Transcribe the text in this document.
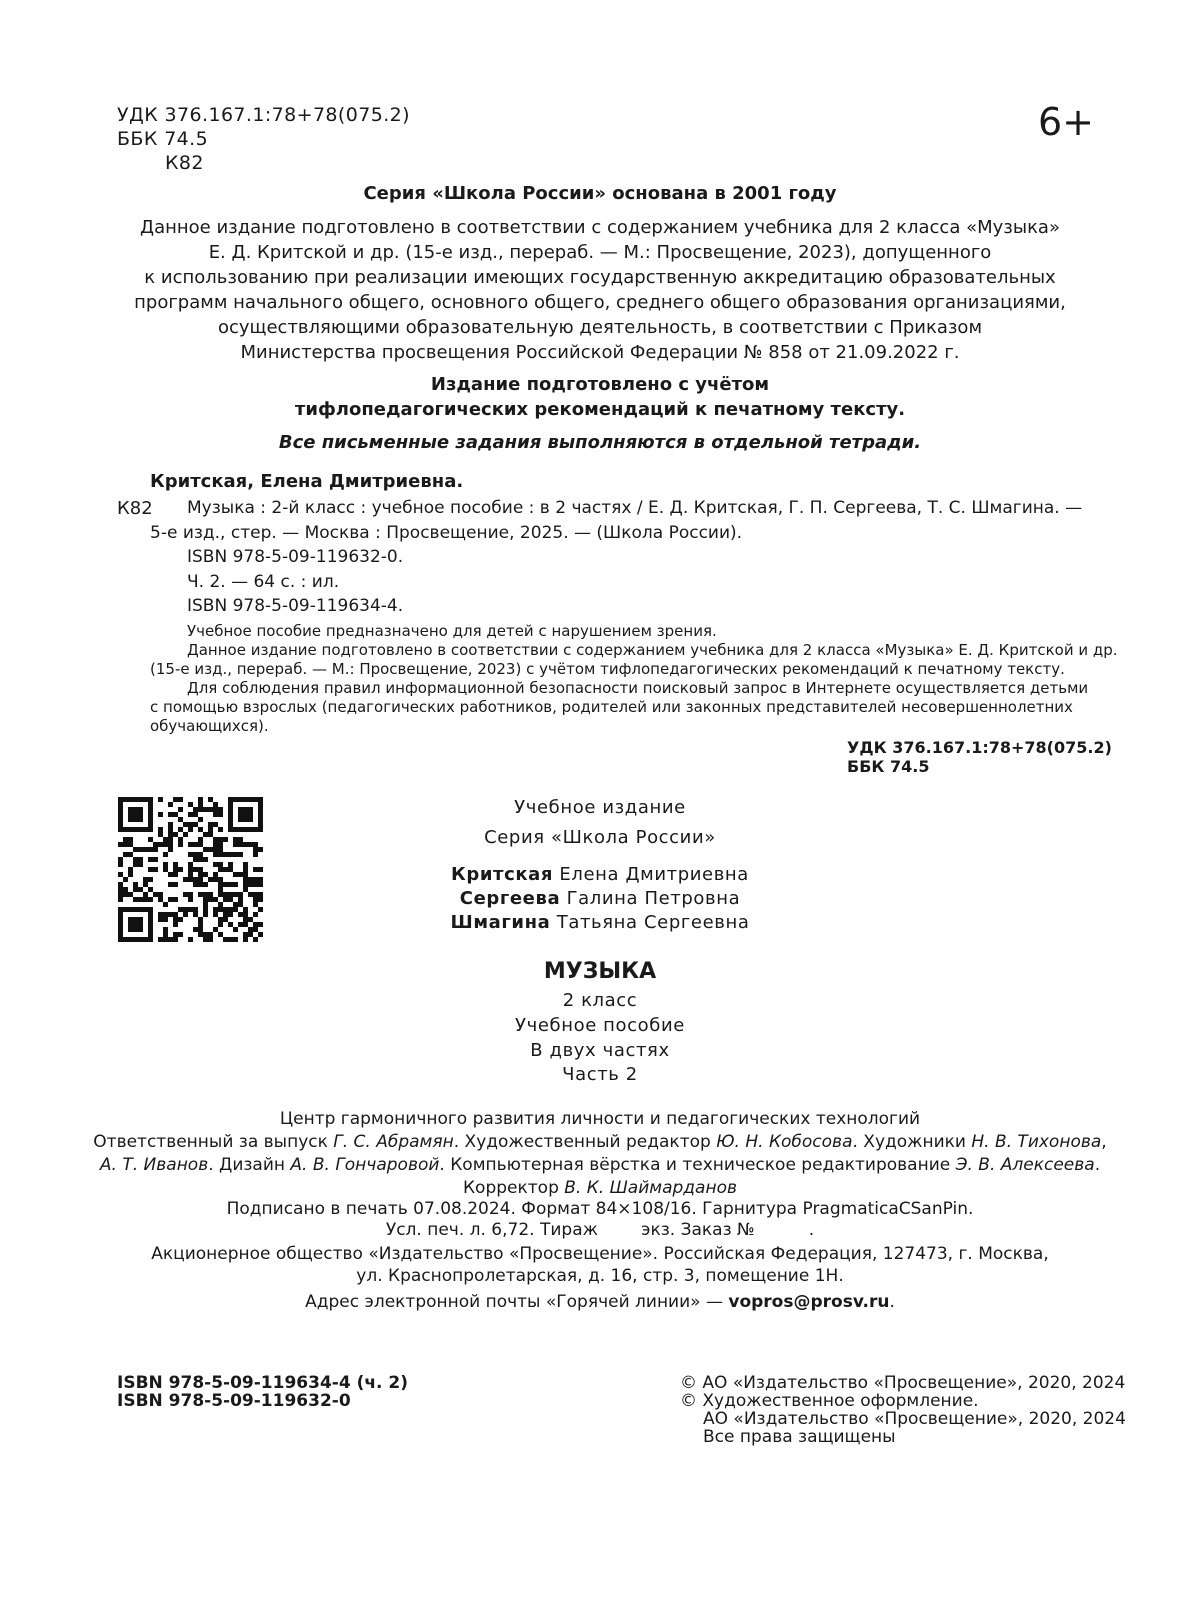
УДК 376.167.1:78+78(075.2)
ББК 74.5
К82
6+
Серия «Школа России» основана в 2001 году
Данное издание подготовлено в соответствии с содержанием учебника для 2 класса «Музыка»
Е. Д. Критской и др. (15-е изд., перераб. — М.: Просвещение, 2023), допущенного
к использованию при реализации имеющих государственную аккредитацию образовательных
программ начального общего, основного общего, среднего общего образования организациями,
осуществляющими образовательную деятельность, в соответствии с Приказом
Министерства просвещения Российской Федерации № 858 от 21.09.2022 г.
Издание подготовлено с учётом
тифлопедагогических рекомендаций к печатному тексту.
Все письменные задания выполняются в отдельной тетради.
Критская, Елена Дмитриевна.
К82 Музыка : 2-й класс : учебное пособие : в 2 частях / Е. Д. Критская, Г. П. Сергеева, Т. С. Шмагина. —
5-е изд., стер. — Москва : Просвещение, 2025. — (Школа России).
ISBN 978-5-09-119632-0.
Ч. 2. — 64 с. : ил.
ISBN 978-5-09-119634-4.
Учебное пособие предназначено для детей с нарушением зрения.
Данное издание подготовлено в соответствии с содержанием учебника для 2 класса «Музыка» Е. Д. Критской и др.
(15-е изд., перераб. — М.: Просвещение, 2023) с учётом тифлопедагогических рекомендаций к печатному тексту.
Для соблюдения правил информационной безопасности поисковый запрос в Интернете осуществляется детьми
с помощью взрослых (педагогических работников, родителей или законных представителей несовершеннолетних
обучающихся).
УДК 376.167.1:78+78(075.2)
ББК 74.5
Учебное издание
Серия «Школа России»
Критская Елена Дмитриевна
Сергеева Галина Петровна
Шмагина Татьяна Сергеевна
МУЗЫКА
2 класс
Учебное пособие
В двух частях
Часть 2
Центр гармоничного развития личности и педагогических технологий
Ответственный за выпуск Г. С. Абрамян. Художественный редактор Ю. Н. Кобосова. Художники Н. В. Тихонова,
А. Т. Иванов. Дизайн А. В. Гончаровой. Компьютерная вёрстка и техническое редактирование Э. В. Алексеева.
Корректор В. К. Шаймарданов
Подписано в печать 07.08.2024. Формат 84×108/16. Гарнитура PragmaticaCSanPin.
Усл. печ. л. 6,72. Тираж        экз. Заказ №          .
Акционерное общество «Издательство «Просвещение». Российская Федерация, 127473, г. Москва,
ул. Краснопролетарская, д. 16, стр. 3, помещение 1Н.
Адрес электронной почты «Горячей линии» — vopros@prosv.ru.
ISBN 978-5-09-119634-4 (ч. 2)
ISBN 978-5-09-119632-0
© АО «Издательство «Просвещение», 2020, 2024
© Художественное оформление.
АО «Издательство «Просвещение», 2020, 2024
Все права защищены
